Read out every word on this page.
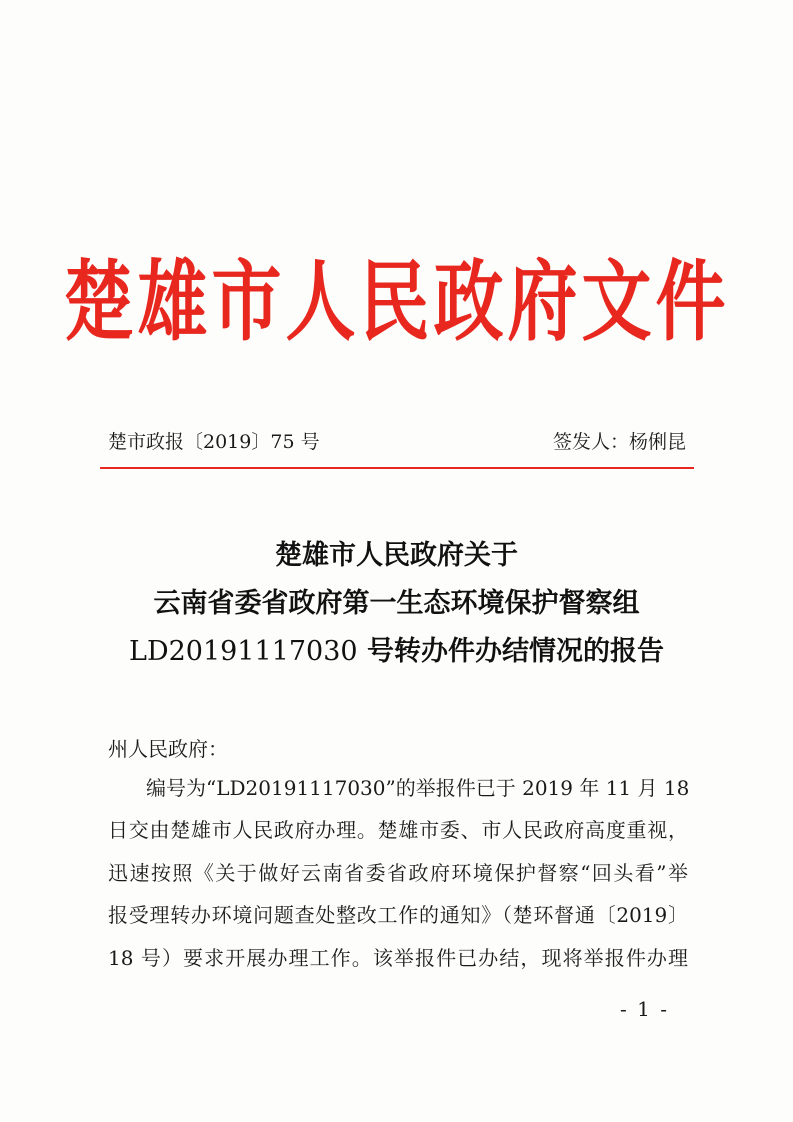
楚雄市人民政府文件
楚市政报〔2019〕75 号	签发人：杨俐昆
楚雄市人民政府关于
云南省委省政府第一生态环境保护督察组
LD20191117030 号转办件办结情况的报告
州人民政府：
编号为“LD20191117030”的举报件已于 2019 年 11 月 18
日交由楚雄市人民政府办理。楚雄市委、市人民政府高度重视，
迅速按照《关于做好云南省委省政府环境保护督察“回头看”举
报受理转办环境问题查处整改工作的通知》（楚环督通〔2019〕
18 号）要求开展办理工作。该举报件已办结，现将举报件办理
- 1 -
